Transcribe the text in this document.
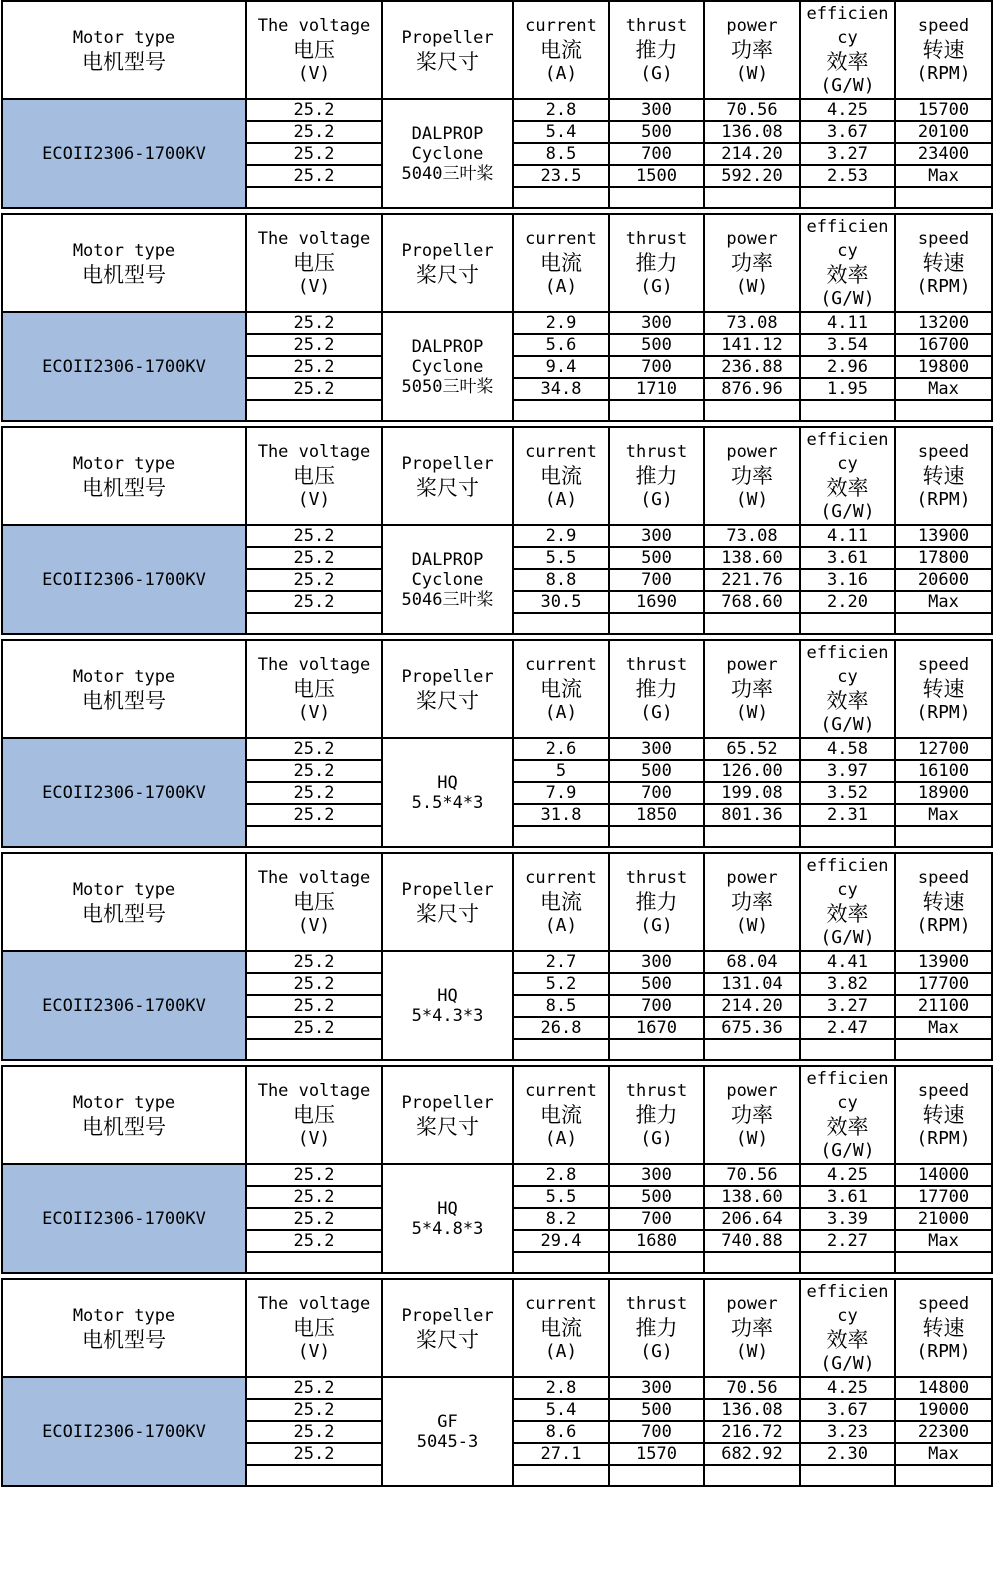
Motor type
电机型号	The voltage
电压
(V)	Propeller
桨尺寸	current
电流
(A)	thrust
推力
(G)	power
功率
(W)	efficien
cy
效率
(G/W)	speed
转速
(RPM)

ECOII2306-1700KV	25.2	DALPROP
Cyclone
5040三叶桨	2.8	300	70.56	4.25	15700
	25.2		5.4	500	136.08	3.67	20100
	25.2		8.5	700	214.20	3.27	23400
	25.2		23.5	1500	592.20	2.53	Max

Motor type
电机型号	The voltage
电压
(V)	Propeller
桨尺寸	current
电流
(A)	thrust
推力
(G)	power
功率
(W)	efficien
cy
效率
(G/W)	speed
转速
(RPM)

ECOII2306-1700KV	25.2	DALPROP
Cyclone
5050三叶桨	2.9	300	73.08	4.11	13200
	25.2		5.6	500	141.12	3.54	16700
	25.2		9.4	700	236.88	2.96	19800
	25.2		34.8	1710	876.96	1.95	Max

Motor type
电机型号	The voltage
电压
(V)	Propeller
桨尺寸	current
电流
(A)	thrust
推力
(G)	power
功率
(W)	efficien
cy
效率
(G/W)	speed
转速
(RPM)

ECOII2306-1700KV	25.2	DALPROP
Cyclone
5046三叶桨	2.9	300	73.08	4.11	13900
	25.2		5.5	500	138.60	3.61	17800
	25.2		8.8	700	221.76	3.16	20600
	25.2		30.5	1690	768.60	2.20	Max

Motor type
电机型号	The voltage
电压
(V)	Propeller
桨尺寸	current
电流
(A)	thrust
推力
(G)	power
功率
(W)	efficien
cy
效率
(G/W)	speed
转速
(RPM)

ECOII2306-1700KV	25.2	HQ
5.5*4*3	2.6	300	65.52	4.58	12700
	25.2		5	500	126.00	3.97	16100
	25.2		7.9	700	199.08	3.52	18900
	25.2		31.8	1850	801.36	2.31	Max

Motor type
电机型号	The voltage
电压
(V)	Propeller
桨尺寸	current
电流
(A)	thrust
推力
(G)	power
功率
(W)	efficien
cy
效率
(G/W)	speed
转速
(RPM)

ECOII2306-1700KV	25.2	HQ
5*4.3*3	2.7	300	68.04	4.41	13900
	25.2		5.2	500	131.04	3.82	17700
	25.2		8.5	700	214.20	3.27	21100
	25.2		26.8	1670	675.36	2.47	Max

Motor type
电机型号	The voltage
电压
(V)	Propeller
桨尺寸	current
电流
(A)	thrust
推力
(G)	power
功率
(W)	efficien
cy
效率
(G/W)	speed
转速
(RPM)

ECOII2306-1700KV	25.2	HQ
5*4.8*3	2.8	300	70.56	4.25	14000
	25.2		5.5	500	138.60	3.61	17700
	25.2		8.2	700	206.64	3.39	21000
	25.2		29.4	1680	740.88	2.27	Max

Motor type
电机型号	The voltage
电压
(V)	Propeller
桨尺寸	current
电流
(A)	thrust
推力
(G)	power
功率
(W)	efficien
cy
效率
(G/W)	speed
转速
(RPM)

ECOII2306-1700KV	25.2	GF
5045-3	2.8	300	70.56	4.25	14800
	25.2		5.4	500	136.08	3.67	19000
	25.2		8.6	700	216.72	3.23	22300
	25.2		27.1	1570	682.92	2.30	Max
